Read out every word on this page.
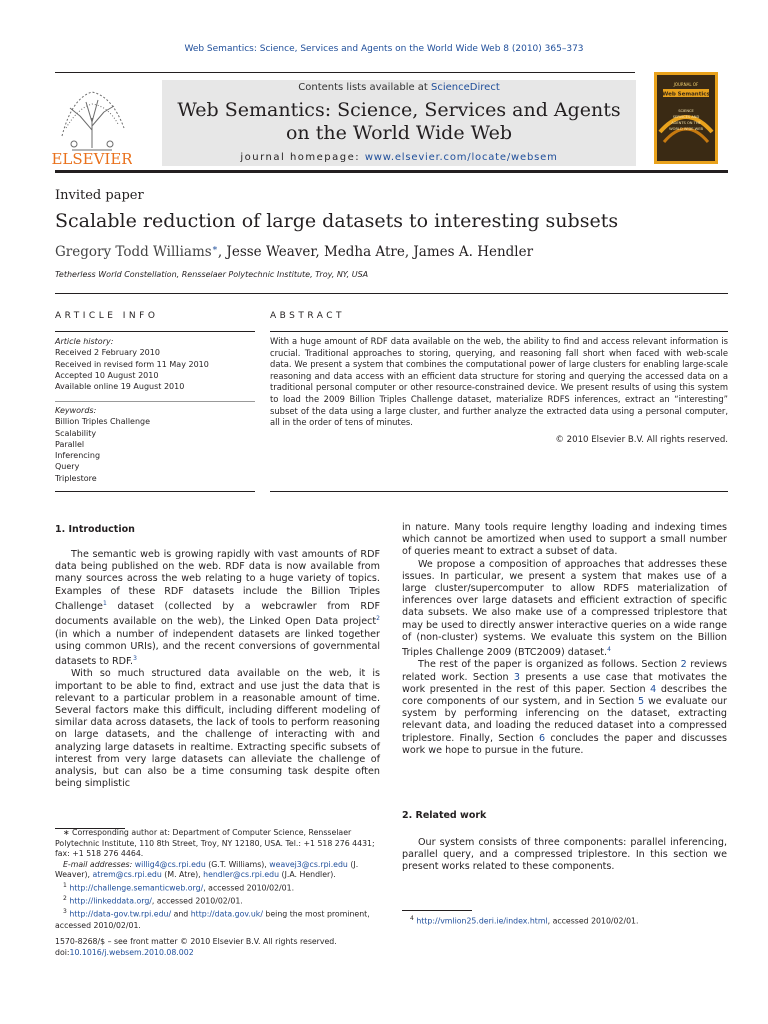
Web Semantics: Science, Services and Agents on the World Wide Web 8 (2010) 365–373
ELSEVIER
Contents lists available at ScienceDirect
Web Semantics: Science, Services and Agents
on the World Wide Web
journal homepage: www.elsevier.com/locate/websem
JOURNAL OF
Web Semantics
SCIENCE
SERVICES AND
AGENTS ON THE
WORLD WIDE WEB
Invited paper
Scalable reduction of large datasets to interesting subsets
Gregory Todd Williams∗, Jesse Weaver, Medha Atre, James A. Hendler
Tetherless World Constellation, Rensselaer Polytechnic Institute, Troy, NY, USA
ARTICLE INFO	ABSTRACT
Article history:
Received 2 February 2010
Received in revised form 11 May 2010
Accepted 10 August 2010
Available online 19 August 2010
Keywords:
Billion Triples Challenge
Scalability
Parallel
Inferencing
Query
Triplestore
With a huge amount of RDF data available on the web, the ability to find and access relevant information is crucial. Traditional approaches to storing, querying, and reasoning fall short when faced with web-scale data. We present a system that combines the computational power of large clusters for enabling large-scale reasoning and data access with an efficient data structure for storing and querying the accessed data on a traditional personal computer or other resource-constrained device. We present results of using this system to load the 2009 Billion Triples Challenge dataset, materialize RDFS inferences, extract an “interesting” subset of the data using a large cluster, and further analyze the extracted data using a personal computer, all in the order of tens of minutes.
© 2010 Elsevier B.V. All rights reserved.
1. Introduction

The semantic web is growing rapidly with vast amounts of RDF data being published on the web. RDF data is now available from many sources across the web relating to a huge variety of topics. Examples of these RDF datasets include the Billion Triples Challenge$^1$ dataset (collected by a webcrawler from RDF documents available on the web), the Linked Open Data project$^2$ (in which a number of independent datasets are linked together using common URIs), and the recent conversions of governmental datasets to RDF.$^3$

With so much structured data available on the web, it is important to be able to find, extract and use just the data that is relevant to a particular problem in a reasonable amount of time. Several factors make this difficult, including different modeling of similar data across datasets, the lack of tools to perform reasoning on large datasets, and the challenge of interacting with and analyzing large datasets in realtime. Extracting specific subsets of interest from very large datasets can alleviate the challenge of analysis, but can also be a time consuming task despite often being simplistic

in nature. Many tools require lengthy loading and indexing times which cannot be amortized when used to support a small number of queries meant to extract a subset of data.

We propose a composition of approaches that addresses these issues. In particular, we present a system that makes use of a large cluster/supercomputer to allow RDFS materialization of inferences over large datasets and efficient extraction of specific data subsets. We also make use of a compressed triplestore that may be used to directly answer interactive queries on a wide range of (non-cluster) systems. We evaluate this system on the Billion Triples Challenge 2009 (BTC2009) dataset.$^4$

The rest of the paper is organized as follows. Section 2 reviews related work. Section 3 presents a use case that motivates the work presented in the rest of this paper. Section 4 describes the core components of our system, and in Section 5 we evaluate our system by performing inferencing on the dataset, extracting relevant data, and loading the reduced dataset into a compressed triplestore. Finally, Section 6 concludes the paper and discusses work we hope to pursue in the future.

2. Related work

Our system consists of three components: parallel inferencing, parallel query, and a compressed triplestore. In this section we present works related to these components.

∗ Corresponding author at: Department of Computer Science, Rensselaer Polytechnic Institute, 110 8th Street, Troy, NY 12180, USA. Tel.: +1 518 276 4431; fax: +1 518 276 4464.

E-mail addresses: willig4@cs.rpi.edu (G.T. Williams), weavej3@cs.rpi.edu (J. Weaver), atrem@cs.rpi.edu (M. Atre), hendler@cs.rpi.edu (J.A. Hendler).

$^1$ http://challenge.semanticweb.org/, accessed 2010/02/01.

$^2$ http://linkeddata.org/, accessed 2010/02/01.

$^3$ http://data-gov.tw.rpi.edu/ and http://data.gov.uk/ being the most prominent, accessed 2010/02/01.

$^4$ http://vmlion25.deri.ie/index.html, accessed 2010/02/01.

1570-8268/$ – see front matter © 2010 Elsevier B.V. All rights reserved.
doi:10.1016/j.websem.2010.08.002
